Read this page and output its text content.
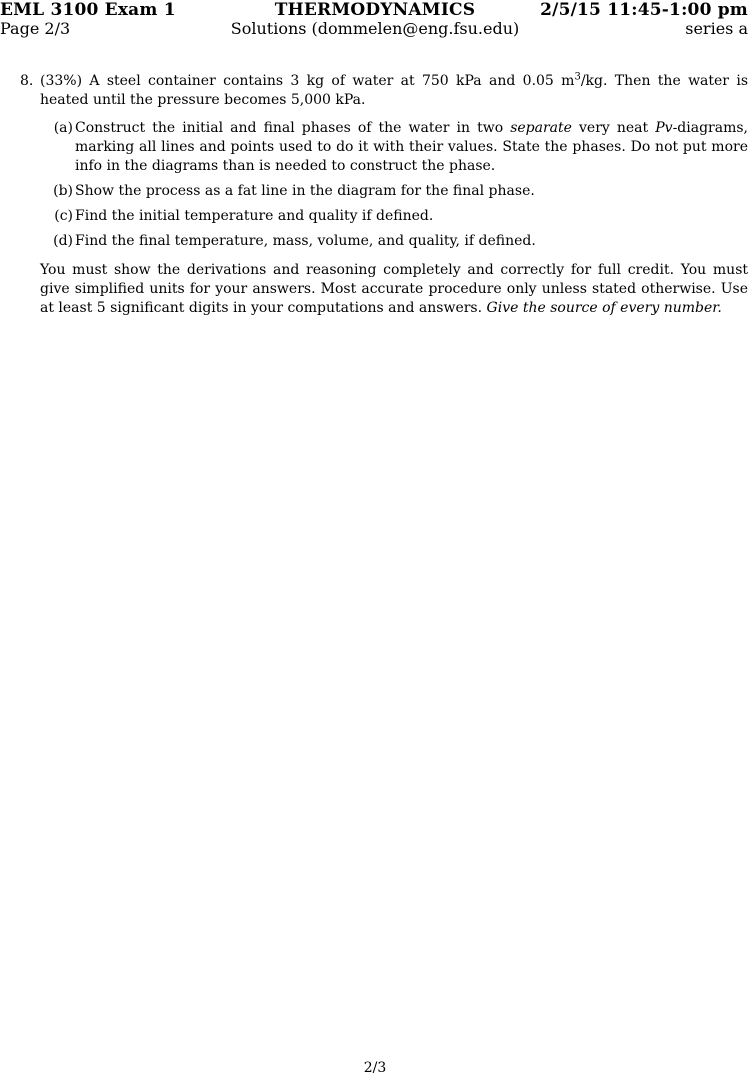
THERMODYNAMICS
EML 3100 Exam 1	2/5/15 11:45-1:00 pm
Solutions (dommelen@eng.fsu.edu)
Page 2/3	series a
8. (33%) A steel container contains 3 kg of water at 750 kPa and 0.05 $m^3/kg$. Then the water is heated until the pressure becomes 5,000 kPa.
(a) Construct the initial and final phases of the water in two separate very neat Pv-diagrams, marking all lines and points used to do it with their values. State the phases. Do not put more info in the diagrams than is needed to construct the phase.
(b) Show the process as a fat line in the diagram for the final phase.
(c) Find the initial temperature and quality if defined.
(d) Find the final temperature, mass, volume, and quality, if defined.
You must show the derivations and reasoning completely and correctly for full credit. You must give simplified units for your answers. Most accurate procedure only unless stated otherwise. Use at least 5 significant digits in your computations and answers. Give the source of every number.
2/3
